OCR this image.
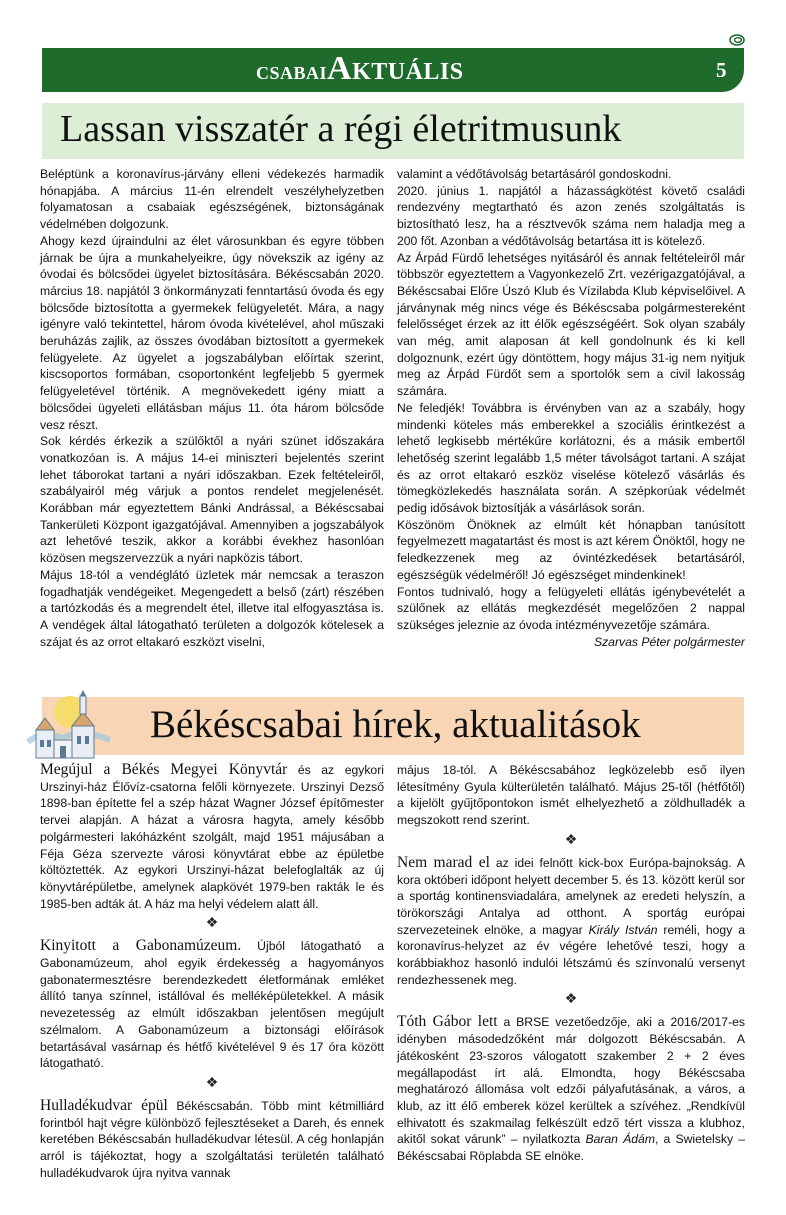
csabaiAktuális	5
Lassan visszatér a régi életritmusunk

Beléptünk a koronavírus-járvány elleni védekezés harmadik hónapjába. A március 11-én elrendelt veszélyhelyzetben folyamatosan a csabaiak egészségének, biztonságának védelmében dolgozunk.

Ahogy kezd újraindulni az élet városunkban és egyre többen járnak be újra a munkahelyeikre, úgy növekszik az igény az óvodai és bölcsődei ügyelet biztosítására. Békéscsabán 2020. március 18. napjától 3 önkormányzati fenntartású óvoda és egy bölcsőde biztosította a gyermekek felügyeletét. Mára, a nagy igényre való tekintettel, három óvoda kivételével, ahol műszaki beruházás zajlik, az összes óvodában biztosított a gyermekek felügyelete. Az ügyelet a jogszabályban előírtak szerint, kiscsoportos formában, csoportonként legfeljebb 5 gyermek felügyeletével történik. A megnövekedett igény miatt a bölcsődei ügyeleti ellátásban május 11. óta három bölcsőde vesz részt.

Sok kérdés érkezik a szülőktől a nyári szünet időszakára vonatkozóan is. A május 14-ei miniszteri bejelentés szerint lehet táborokat tartani a nyári időszakban. Ezek feltételeiről, szabályairól még várjuk a pontos rendelet megjelenését. Korábban már egyeztettem Bánki Andrással, a Békéscsabai Tankerületi Központ igazgatójával. Amennyiben a jogszabályok azt lehetővé teszik, akkor a korábbi évekhez hasonlóan közösen megszervezzük a nyári napközis tábort.

Május 18-tól a vendéglátó üzletek már nemcsak a teraszon fogadhatják vendégeiket. Megengedett a belső (zárt) részében a tartózkodás és a megrendelt étel, illetve ital elfogyasztása is. A vendégek által látogatható területen a dolgozók kötelesek a szájat és az orrot eltakaró eszközt viselni,

valamint a védőtávolság betartásáról gondoskodni.

2020. június 1. napjától a házasságkötést követő családi rendezvény megtartható és azon zenés szolgáltatás is biztosítható lesz, ha a résztvevők száma nem haladja meg a 200 főt. Azonban a védőtávolság betartása itt is kötelező.

Az Árpád Fürdő lehetséges nyitásáról és annak feltételeiről már többször egyeztettem a Vagyonkezelő Zrt. vezérigazgatójával, a Békéscsabai Előre Úszó Klub és Vízilabda Klub képviselőivel. A járványnak még nincs vége és Békéscsaba polgármestereként felelősséget érzek az itt élők egészségéért. Sok olyan szabály van még, amit alaposan át kell gondolnunk és ki kell dolgoznunk, ezért úgy döntöttem, hogy május 31-ig nem nyitjuk meg az Árpád Fürdőt sem a sportolók sem a civil lakosság számára.

Ne feledjék! Továbbra is érvényben van az a szabály, hogy mindenki köteles más emberekkel a szociális érintkezést a lehető legkisebb mértékűre korlátozni, és a másik embertől lehetőség szerint legalább 1,5 méter távolságot tartani. A szájat és az orrot eltakaró eszköz viselése kötelező vásárlás és tömegközlekedés használata során. A szépkorúak védelmét pedig idősávok biztosítják a vásárlások során.

Köszönöm Önöknek az elmúlt két hónapban tanúsított fegyelmezett magatartást és most is azt kérem Önöktől, hogy ne feledkezzenek meg az óvintézkedések betartásáról, egészségük védelméről! Jó egészséget mindenkinek!

Fontos tudnivaló, hogy a felügyeleti ellátás igénybevételét a szülőnek az ellátás megkezdését megelőzően 2 nappal szükséges jeleznie az óvoda intézményvezetője számára.

Szarvas Péter polgármester

Békéscsabai hírek, aktualitások

Megújul a Békés Megyei Könyvtár és az egykori Urszinyi-ház Élővíz-csatorna felőli környezete. Urszinyi Dezső 1898-ban építette fel a szép házat Wagner József építőmester tervei alapján. A házat a városra hagyta, amely később polgármesteri lakóházként szolgált, majd 1951 májusában a Féja Géza szervezte városi könyvtárat ebbe az épületbe költöztették. Az egykori Urszinyi-házat belefoglalták az új könyvtárépületbe, amelynek alapkövét 1979-ben rakták le és 1985-ben adták át. A ház ma helyi védelem alatt áll.

❖

Kinyitott a Gabonamúzeum. Újból látogatható a Gabonamúzeum, ahol egyik érdekesség a hagyományos gabonatermesztésre berendezkedett életformának emléket állító tanya színnel, istállóval és melléképületekkel. A másik nevezetesség az elmúlt időszakban jelentősen megújult szélmalom. A Gabonamúzeum a biztonsági előírások betartásával vasárnap és hétfő kivételével 9 és 17 óra között látogatható.

❖

Hulladékudvar épül Békéscsabán. Több mint kétmilliárd forintból hajt végre különböző fejlesztéseket a Dareh, és ennek keretében Békéscsabán hulladékudvar létesül. A cég honlapján arról is tájékoztat, hogy a szolgáltatási területén található hulladékudvarok újra nyitva vannak

május 18-tól. A Békéscsabához legközelebb eső ilyen létesítmény Gyula külterületén található. Május 25-től (hétfőtől) a kijelölt gyűjtőpontokon ismét elhelyezhető a zöldhulladék a megszokott rend szerint.

❖

Nem marad el az idei felnőtt kick-box Európa-bajnokság. A kora októberi időpont helyett december 5. és 13. között kerül sor a sportág kontinensviadalára, amelynek az eredeti helyszín, a törökországi Antalya ad otthont. A sportág európai szervezeteinek elnöke, a magyar Király István reméli, hogy a koronavírus-helyzet az év végére lehetővé teszi, hogy a korábbiakhoz hasonló indulói létszámú és színvonalú versenyt rendezhessenek meg.

❖

Tóth Gábor lett a BRSE vezetőedzője, aki a 2016/2017-es idényben másodedzőként már dolgozott Békéscsabán. A játékosként 23-szoros válogatott szakember 2 + 2 éves megállapodást írt alá. Elmondta, hogy Békéscsaba meghatározó állomása volt edzői pályafutásának, a város, a klub, az itt élő emberek közel kerültek a szívéhez. „Rendkívül elhivatott és szakmailag felkészült edző tért vissza a klubhoz, akitől sokat várunk” – nyilatkozta Baran Ádám, a Swietelsky – Békéscsabai Röplabda SE elnöke.
